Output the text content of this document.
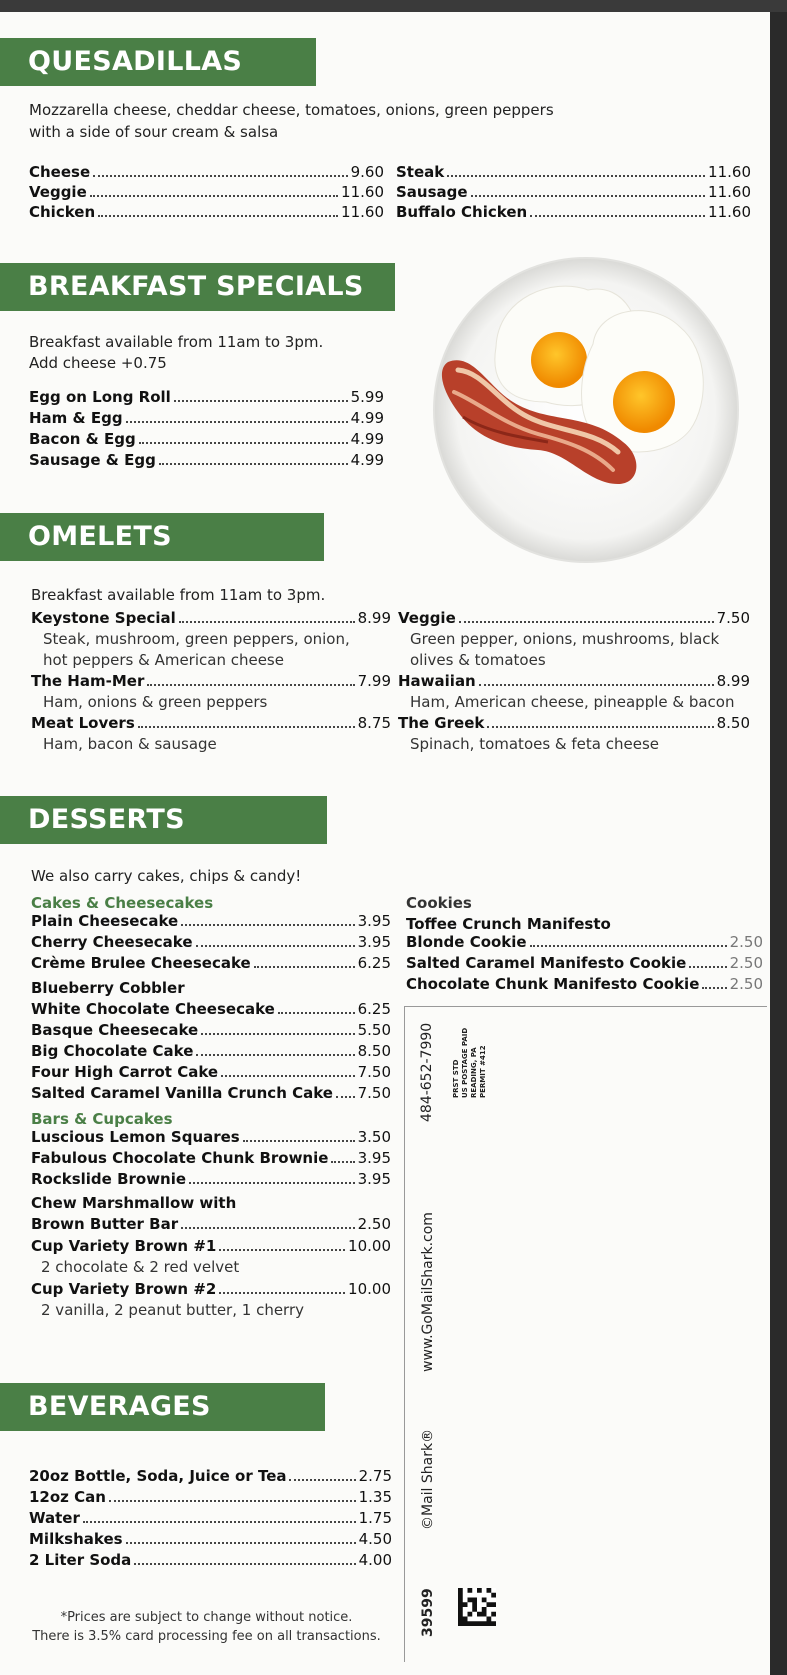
QUESADILLAS
Mozzarella cheese, cheddar cheese, tomatoes, onions, green peppers
with a side of sour cream & salsa
Cheese	9.60
Veggie	11.60
Chicken	11.60
Steak	11.60
Sausage	11.60
Buffalo Chicken	11.60
BREAKFAST SPECIALS
Breakfast available from 11am to 3pm.
Add cheese +0.75
Egg on Long Roll	5.99
Ham & Egg	4.99
Bacon & Egg	4.99
Sausage & Egg	4.99
OMELETS
Breakfast available from 11am to 3pm.
Keystone Special	8.99
Steak, mushroom, green peppers, onion,
hot peppers & American cheese
The Ham-Mer	7.99
Ham, onions & green peppers
Meat Lovers	8.75
Ham, bacon & sausage
Veggie	7.50
Green pepper, onions, mushrooms, black
olives & tomatoes
Hawaiian	8.99
Ham, American cheese, pineapple & bacon
The Greek	8.50
Spinach, tomatoes & feta cheese
DESSERTS
We also carry cakes, chips & candy!
Cakes & Cheesecakes
Plain Cheesecake	3.95
Cherry Cheesecake	3.95
Crème Brulee Cheesecake	6.25
Blueberry Cobbler
White Chocolate Cheesecake	6.25
Basque Cheesecake	5.50
Big Chocolate Cake	8.50
Four High Carrot Cake	7.50
Salted Caramel Vanilla Crunch Cake 7.50
Bars & Cupcakes
Luscious Lemon Squares	3.50
Fabulous Chocolate Chunk Brownie 3.95
Rockslide Brownie	3.95
Chew Marshmallow with
Brown Butter Bar	2.50
Cup Variety Brown #1	10.00
2 chocolate & 2 red velvet
Cup Variety Brown #2	10.00
2 vanilla, 2 peanut butter, 1 cherry
Cookies
Toffee Crunch Manifesto
Blonde Cookie	2.50
Salted Caramel Manifesto Cookie	2.50
Chocolate Chunk Manifesto Cookie 2.50
BEVERAGES
20oz Bottle, Soda, Juice or Tea	2.75
12oz Can	1.35
Water	1.75
Milkshakes	4.50
2 Liter Soda	4.00
*Prices are subject to change without notice.
There is 3.5% card processing fee on all transactions.
484-652-7990 PRST STD US POSTAGE PAID READING, PA PERMIT #412
www.GoMailShark.com
©Mail Shark®
39599
